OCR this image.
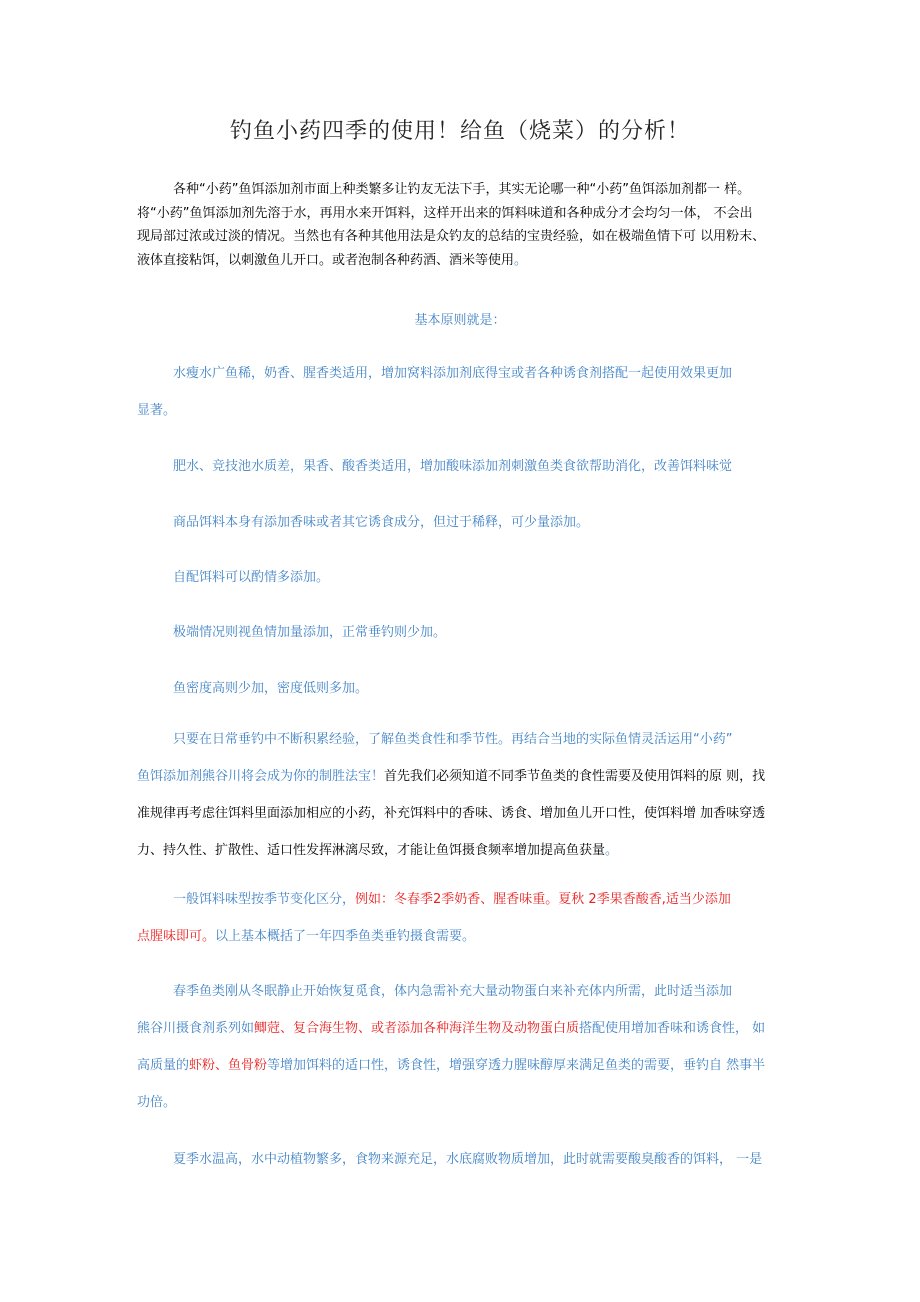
钓鱼小药四季的使用！给鱼（烧菜）的分析！
各种“小药”鱼饵添加剂市面上种类繁多让钓友无法下手，其实无论哪一种“小药”鱼饵添加剂都一 样。
将“小药”鱼饵添加剂先溶于水，再用水来开饵料，这样开出来的饵料味道和各种成分才会均匀一体， 不会出
现局部过浓或过淡的情况。当然也有各种其他用法是众钓友的总结的宝贵经验，如在极端鱼情下可 以用粉末、
液体直接粘饵，以刺激鱼儿开口。或者泡制各种药酒、酒米等使用。
基本原则就是：
水瘦水广鱼稀，奶香、腥香类适用，增加窝料添加剂底得宝或者各种诱食剂搭配一起使用效果更加
显著。
肥水、竞技池水质差，果香、酸香类适用，增加酸味添加剂刺激鱼类食欲帮助消化，改善饵料味觉
商品饵料本身有添加香味或者其它诱食成分，但过于稀释，可少量添加。
自配饵料可以酌情多添加。
极端情况则视鱼情加量添加，正常垂钓则少加。
鱼密度高则少加，密度低则多加。
只要在日常垂钓中不断积累经验，了解鱼类食性和季节性。再结合当地的实际鱼情灵活运用“小药”
鱼饵添加剂熊谷川将会成为你的制胜法宝！首先我们必须知道不同季节鱼类的食性需要及使用饵料的原 则，找
准规律再考虑往饵料里面添加相应的小药，补充饵料中的香味、诱食、增加鱼儿开口性，使饵料增 加香味穿透
力、持久性、扩散性、适口性发挥淋漓尽致，才能让鱼饵摄食频率增加提高鱼获量。
一般饵料味型按季节变化区分，例如：冬春季2季奶香、腥香味重。夏秋 2季果香酸香,适当少添加
点腥味即可。以上基本概括了一年四季鱼类垂钓摄食需要。
春季鱼类刚从冬眠静止开始恢复觅食，体内急需补充大量动物蛋白来补充体内所需，此时适当添加
熊谷川摄食剂系列如鲫蒄、复合海生物、或者添加各种海洋生物及动物蛋白质搭配使用增加香味和诱食性， 如
高质量的虾粉、鱼骨粉等增加饵料的适口性，诱食性，增强穿透力腥味醇厚来满足鱼类的需要，垂钓自 然事半
功倍。
夏季水温高，水中动植物繁多，食物来源充足，水底腐败物质增加，此时就需要酸臭酸香的饵料， 一是
